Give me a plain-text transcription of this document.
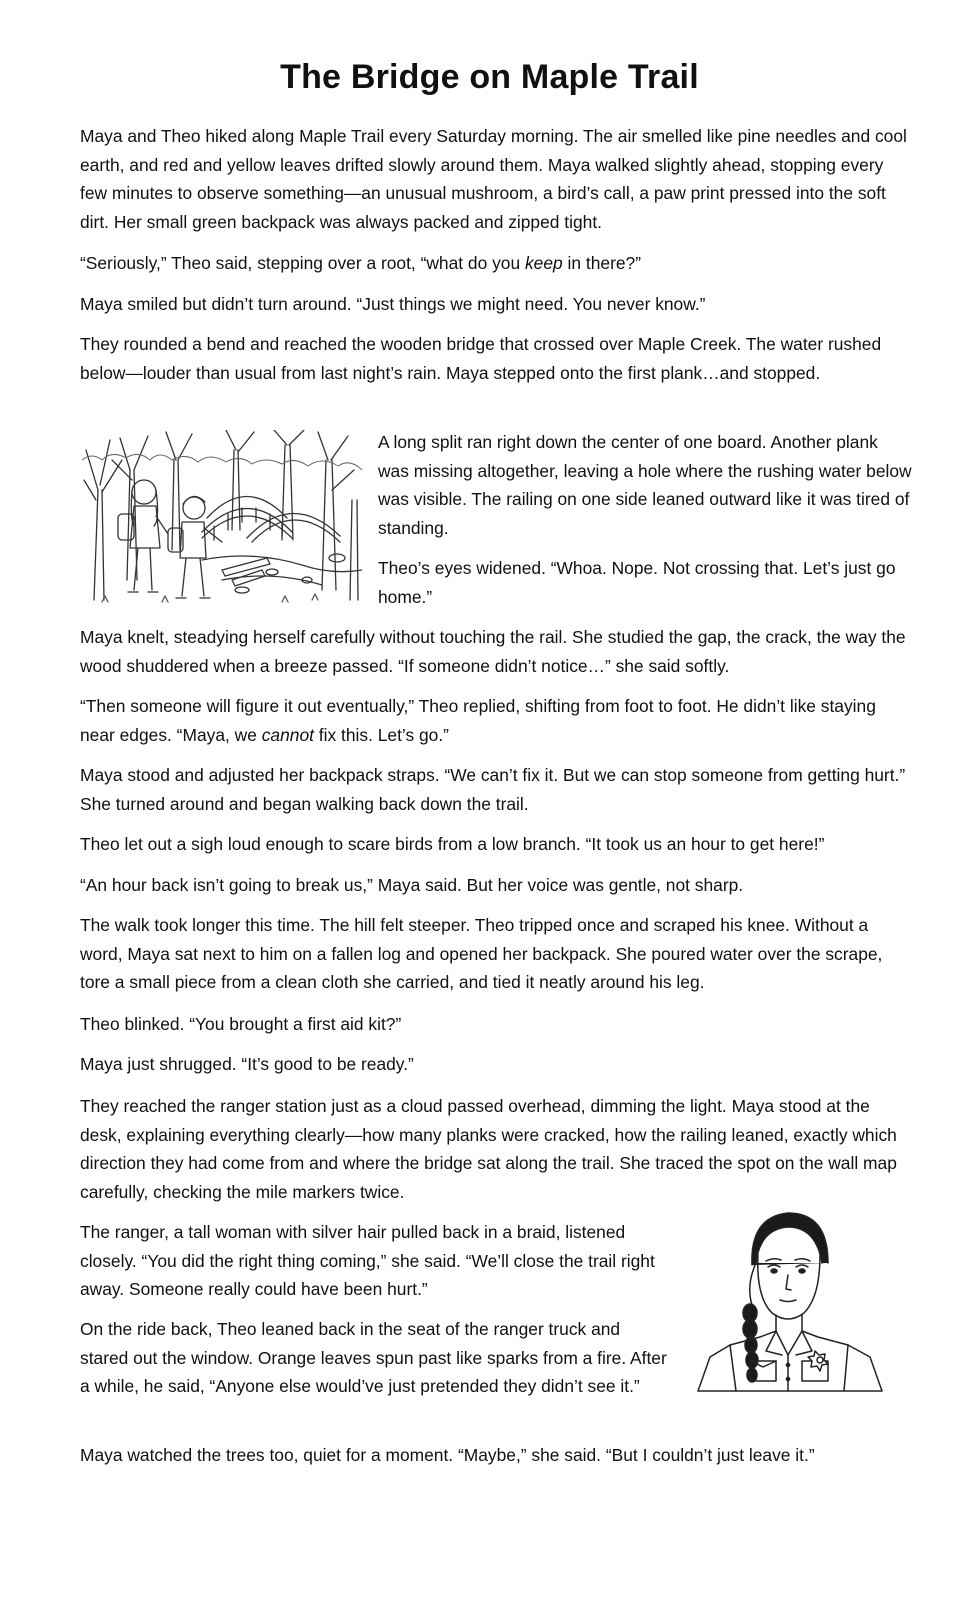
The Bridge on Maple Trail

Maya and Theo hiked along Maple Trail every Saturday morning. The air smelled like pine needles and cool earth, and red and yellow leaves drifted slowly around them. Maya walked slightly ahead, stopping every few minutes to observe something—an unusual mushroom, a bird’s call, a paw print pressed into the soft dirt. Her small green backpack was always packed and zipped tight.

“Seriously,” Theo said, stepping over a root, “what do you keep in there?”

Maya smiled but didn’t turn around. “Just things we might need. You never know.”

They rounded a bend and reached the wooden bridge that crossed over Maple Creek. The water rushed below—louder than usual from last night’s rain. Maya stepped onto the first plank…and stopped.

A long split ran right down the center of one board. Another plank was missing altogether, leaving a hole where the rushing water below was visible. The railing on one side leaned outward like it was tired of standing.

Theo’s eyes widened. “Whoa. Nope. Not crossing that. Let’s just go home.”

Maya knelt, steadying herself carefully without touching the rail. She studied the gap, the crack, the way the wood shuddered when a breeze passed. “If someone didn’t notice…” she said softly.

“Then someone will figure it out eventually,” Theo replied, shifting from foot to foot. He didn’t like staying near edges. “Maya, we cannot fix this. Let’s go.”

Maya stood and adjusted her backpack straps. “We can’t fix it. But we can stop someone from getting hurt.” She turned around and began walking back down the trail.

Theo let out a sigh loud enough to scare birds from a low branch. “It took us an hour to get here!”

“An hour back isn’t going to break us,” Maya said. But her voice was gentle, not sharp.

The walk took longer this time. The hill felt steeper. Theo tripped once and scraped his knee. Without a word, Maya sat next to him on a fallen log and opened her backpack. She poured water over the scrape, tore a small piece from a clean cloth she carried, and tied it neatly around his leg.

Theo blinked. “You brought a first aid kit?”

Maya just shrugged. “It’s good to be ready.”

They reached the ranger station just as a cloud passed overhead, dimming the light. Maya stood at the desk, explaining everything clearly—how many planks were cracked, how the railing leaned, exactly which direction they had come from and where the bridge sat along the trail. She traced the spot on the wall map carefully, checking the mile markers twice.

The ranger, a tall woman with silver hair pulled back in a braid, listened closely. “You did the right thing coming,” she said. “We’ll close the trail right away. Someone really could have been hurt.”

On the ride back, Theo leaned back in the seat of the ranger truck and stared out the window. Orange leaves spun past like sparks from a fire. After a while, he said, “Anyone else would’ve just pretended they didn’t see it.”

Maya watched the trees too, quiet for a moment. “Maybe,” she said. “But I couldn’t just leave it.”
